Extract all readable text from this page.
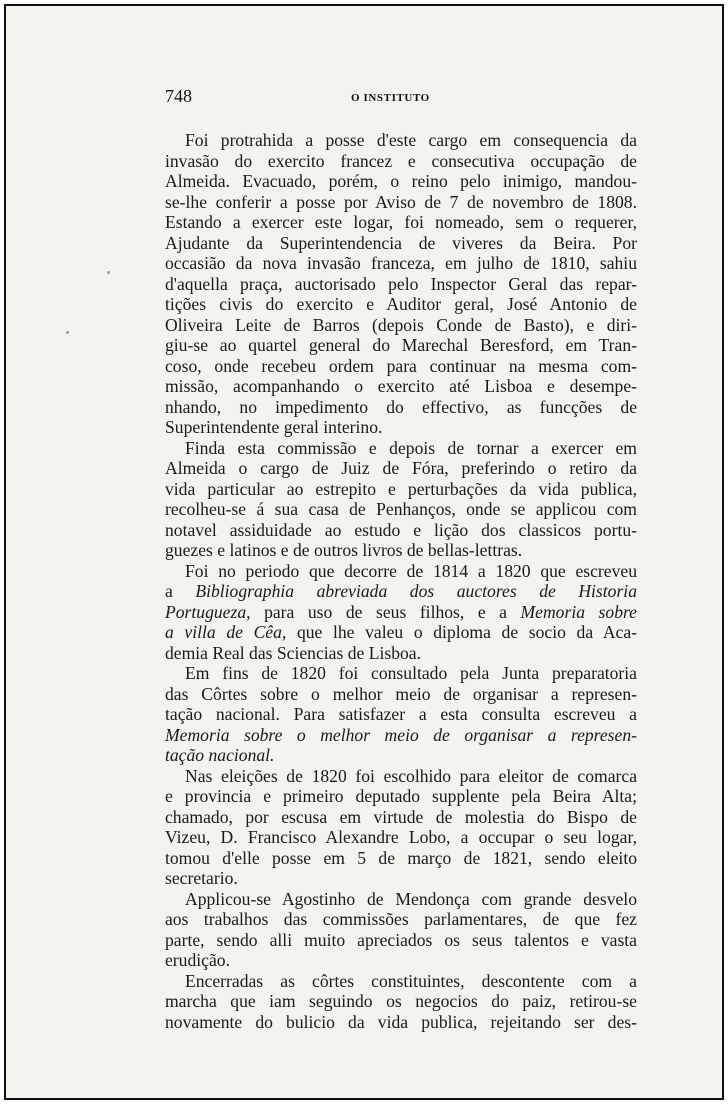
748	O INSTITUTO
Foi protrahida a posse d'este cargo em consequencia da
invasão do exercito francez e consecutiva occupação de
Almeida. Evacuado, porém, o reino pelo inimigo, mandou-
se-lhe conferir a posse por Aviso de 7 de novembro de 1808.
Estando a exercer este logar, foi nomeado, sem o requerer,
Ajudante da Superintendencia de viveres da Beira. Por
occasião da nova invasão franceza, em julho de 1810, sahiu
d'aquella praça, auctorisado pelo Inspector Geral das repar-
tições civis do exercito e Auditor geral, José Antonio de
Oliveira Leite de Barros (depois Conde de Basto), e diri-
giu-se ao quartel general do Marechal Beresford, em Tran-
coso, onde recebeu ordem para continuar na mesma com-
missão, acompanhando o exercito até Lisboa e desempe-
nhando, no impedimento do effectivo, as funcções de
Superintendente geral interino.
Finda esta commissão e depois de tornar a exercer em
Almeida o cargo de Juiz de Fóra, preferindo o retiro da
vida particular ao estrepito e perturbações da vida publica,
recolheu-se á sua casa de Penhanços, onde se applicou com
notavel assiduidade ao estudo e lição dos classicos portu-
guezes e latinos e de outros livros de bellas-lettras.
Foi no periodo que decorre de 1814 a 1820 que escreveu
a Bibliographia abreviada dos auctores de Historia
Portugueza, para uso de seus filhos, e a Memoria sobre
a villa de Cêa, que lhe valeu o diploma de socio da Aca-
demia Real das Sciencias de Lisboa.
Em fins de 1820 foi consultado pela Junta preparatoria
das Côrtes sobre o melhor meio de organisar a represen-
tação nacional. Para satisfazer a esta consulta escreveu a
Memoria sobre o melhor meio de organisar a represen-
tação nacional.
Nas eleições de 1820 foi escolhido para eleitor de comarca
e provincia e primeiro deputado supplente pela Beira Alta;
chamado, por escusa em virtude de molestia do Bispo de
Vizeu, D. Francisco Alexandre Lobo, a occupar o seu logar,
tomou d'elle posse em 5 de março de 1821, sendo eleito
secretario.
Applicou-se Agostinho de Mendonça com grande desvelo
aos trabalhos das commissões parlamentares, de que fez
parte, sendo alli muito apreciados os seus talentos e vasta
erudição.
Encerradas as côrtes constituintes, descontente com a
marcha que iam seguindo os negocios do paiz, retirou-se
novamente do bulicio da vida publica, rejeitando ser des-
